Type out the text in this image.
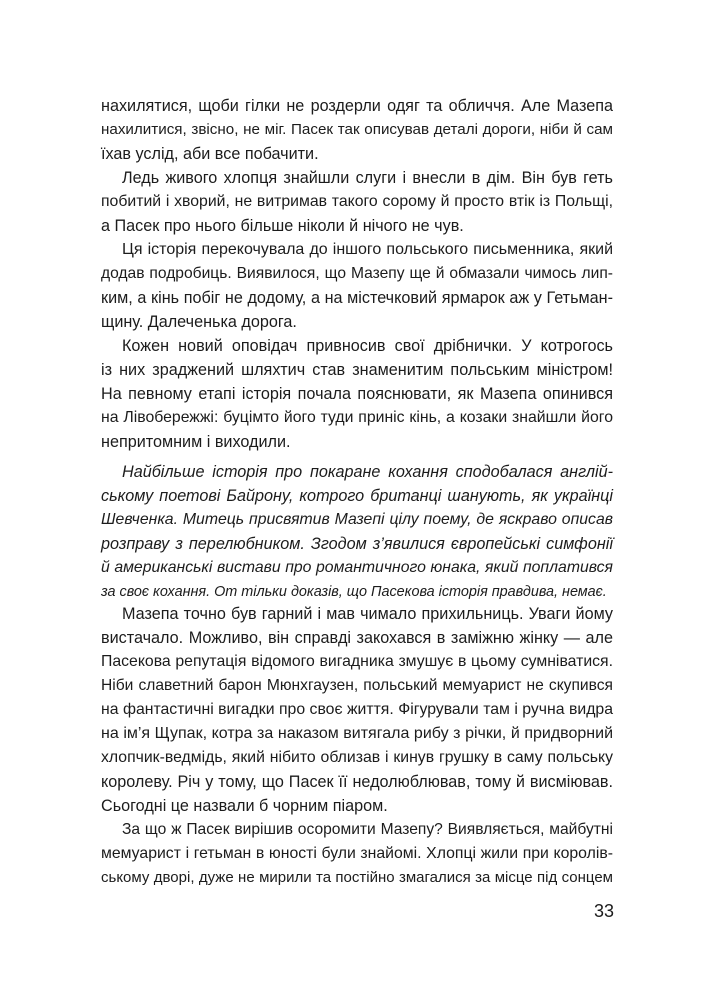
нахилятися, щоби гілки не роздерли одяг та обличчя. Але Мазепа
нахилитися, звісно, не міг. Пасек так описував деталі дороги, ніби й сам
їхав услід, аби все побачити.
Ледь живого хлопця знайшли слуги і внесли в дім. Він був геть
побитий і хворий, не витримав такого сорому й просто втік із Польщі,
а Пасек про нього більше ніколи й нічого не чув.
Ця історія перекочувала до іншого польського письменника, який
додав подробиць. Виявилося, що Мазепу ще й обмазали чимось лип-
ким, а кінь побіг не додому, а на містечковий ярмарок аж у Гетьман-
щину. Далеченька дорога.
Кожен новий оповідач привносив свої дрібнички. У котрогось
із них зраджений шляхтич став знаменитим польським міністром!
На певному етапі історія почала пояснювати, як Мазепа опинився
на Лівобережжі: буцімто його туди приніс кінь, а козаки знайшли його
непритомним і виходили.
Найбільше історія про покаране кохання сподобалася англій-
ському поетові Байрону, котрого британці шанують, як українці
Шевченка. Митець присвятив Мазепі цілу поему, де яскраво описав
розправу з перелюбником. Згодом з’явилися європейські симфонії
й американські вистави про романтичного юнака, який поплатився
за своє кохання. От тільки доказів, що Пасекова історія правдива, немає.
Мазепа точно був гарний і мав чимало прихильниць. Уваги йому
вистачало. Можливо, він справді закохався в заміжню жінку — але
Пасекова репутація відомого вигадника змушує в цьому сумніватися.
Ніби славетний барон Мюнхгаузен, польський мемуарист не скупився
на фантастичні вигадки про своє життя. Фігурували там і ручна видра
на ім’я Щупак, котра за наказом витягала рибу з річки, й придворний
хлопчик-ведмідь, який нібито облизав і кинув грушку в саму польську
королеву. Річ у тому, що Пасек її недолюблював, тому й висміював.
Сьогодні це назвали б чорним піаром.
За що ж Пасек вирішив осоромити Мазепу? Виявляється, майбутні
мемуарист і гетьман в юності були знайомі. Хлопці жили при королів-
ському дворі, дуже не мирили та постійно змагалися за місце під сонцем
33
